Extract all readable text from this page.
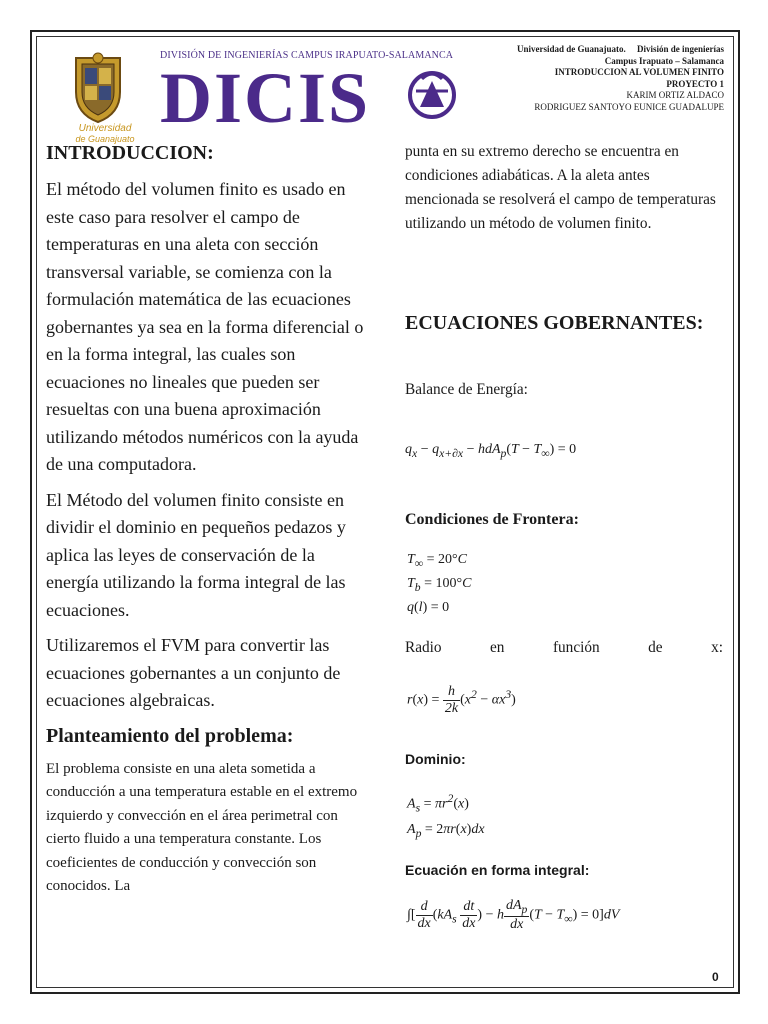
Universidad
de Guanajuato
DIVISIÓN DE INGENIERÍAS CAMPUS IRAPUATO-SALAMANCA
DICIS
Universidad de Guanajuato.     División de ingenierías
Campus Irapuato – Salamanca
INTRODUCCION AL VOLUMEN FINITO
PROYECTO 1
KARIM ORTIZ ALDACO
RODRIGUEZ SANTOYO EUNICE GUADALUPE
INTRODUCCION:

El método del volumen finito es usado en este caso para resolver el campo de temperaturas en una aleta con sección transversal variable, se comienza con la formulación matemática de las ecuaciones gobernantes ya sea en la forma diferencial o en la forma integral, las cuales son ecuaciones no lineales que pueden ser resueltas con una buena aproximación utilizando métodos numéricos con la ayuda de una computadora.

El Método del volumen finito consiste en dividir el dominio en pequeños pedazos y aplica las leyes de conservación de la energía utilizando la forma integral de las ecuaciones.

Utilizaremos el FVM para convertir las ecuaciones gobernantes a un conjunto de ecuaciones algebraicas.

Planteamiento del problema:

El problema consiste en una aleta sometida a conducción a una temperatura estable en el extremo izquierdo y convección en el área perimetral con cierto fluido a una temperatura constante. Los coeficientes de conducción y convección son conocidos. La

punta en su extremo derecho se encuentra en condiciones adiabáticas. A la aleta antes mencionada se resolverá el campo de temperaturas utilizando un método de volumen finito.

ECUACIONES GOBERNANTES:
Balance de Energía:
$q_x - q_{x+\partial x} - hdA_p(T - T_\infty) = 0$
Condiciones de Frontera:
$T_\infty = 20^\circ C$
$T_b = 100^\circ C$
q(l) = 0
Radio	en	función	de	x:
$r(x) = \frac{h}{2k} (x^2 - \alpha x^3)$
Dominio:
$A_s = \pi r^2(x)$
$A_p = 2\pi r(x)dx$
Ecuación en forma integral:
∫[ $\frac{d}{dx} (kA_s \frac{dt}{dx}$ ) − h $\frac{dA_p}{dx} (T - T_\infty) = 0]dV$
0
